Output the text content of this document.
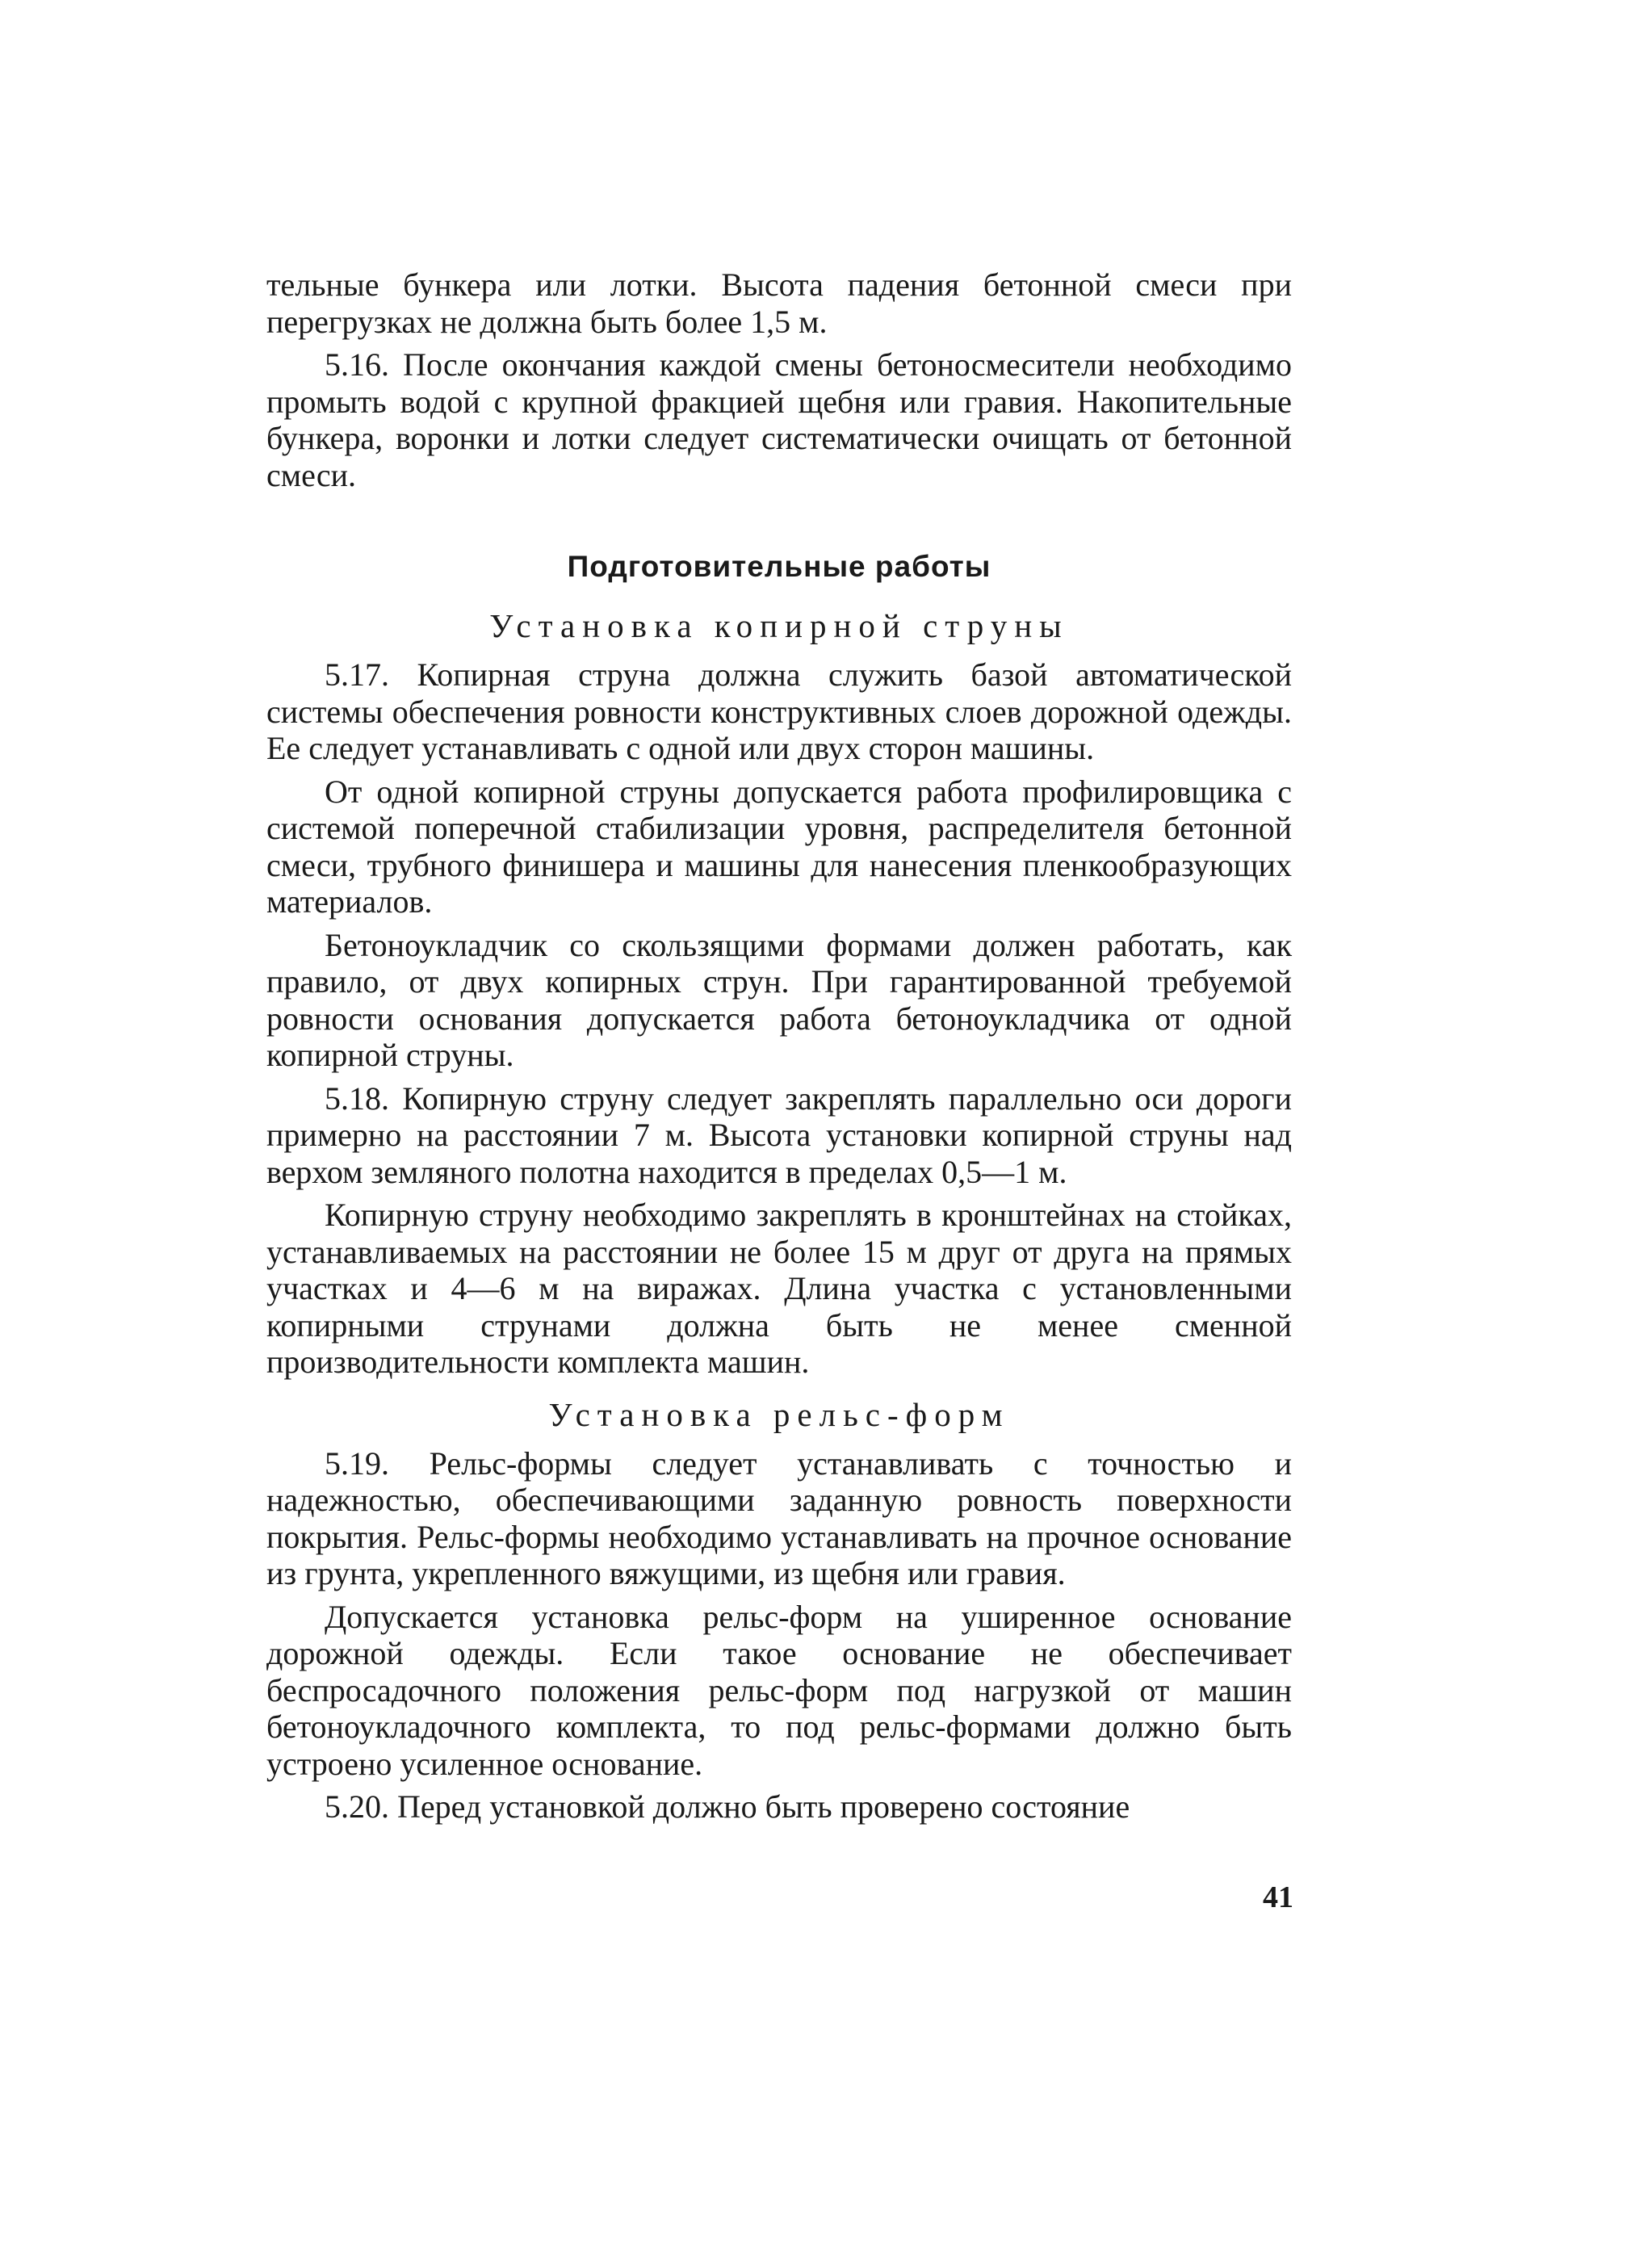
тельные бункера или лотки. Высота падения бетонной смеси при перегрузках не должна быть более 1,5 м.

5.16. После окончания каждой смены бетоносмесители необходимо промыть водой с крупной фракцией щебня или гравия. Накопительные бункера, воронки и лотки следует систематически очищать от бетонной смеси.

Подготовительные работы
Установка копирной струны

5.17. Копирная струна должна служить базой автоматической системы обеспечения ровности конструктивных слоев дорожной одежды. Ее следует устанавливать с одной или двух сторон машины.

От одной копирной струны допускается работа профилировщика с системой поперечной стабилизации уровня, распределителя бетонной смеси, трубного финишера и машины для нанесения пленкообразующих материалов.

Бетоноукладчик со скользящими формами должен работать, как правило, от двух копирных струн. При гарантированной требуемой ровности основания допускается работа бетоноукладчика от одной копирной струны.

5.18. Копирную струну следует закреплять параллельно оси дороги примерно на расстоянии 7 м. Высота установки копирной струны над верхом земляного полотна находится в пределах 0,5—1 м.

Копирную струну необходимо закреплять в кронштейнах на стойках, устанавливаемых на расстоянии не более 15 м друг от друга на прямых участках и 4—6 м на виражах. Длина участка с установленными копирными струнами должна быть не менее сменной производительности комплекта машин.

Установка рельс-форм

5.19. Рельс-формы следует устанавливать с точностью и надежностью, обеспечивающими заданную ровность поверхности покрытия. Рельс-формы необходимо устанавливать на прочное основание из грунта, укрепленного вяжущими, из щебня или гравия.

Допускается установка рельс-форм на уширенное основание дорожной одежды. Если такое основание не обеспечивает беспросадочного положения рельс-форм под нагрузкой от машин бетоноукладочного комплекта, то под рельс-формами должно быть устроено усиленное основание.

5.20. Перед установкой должно быть проверено состояние

41
